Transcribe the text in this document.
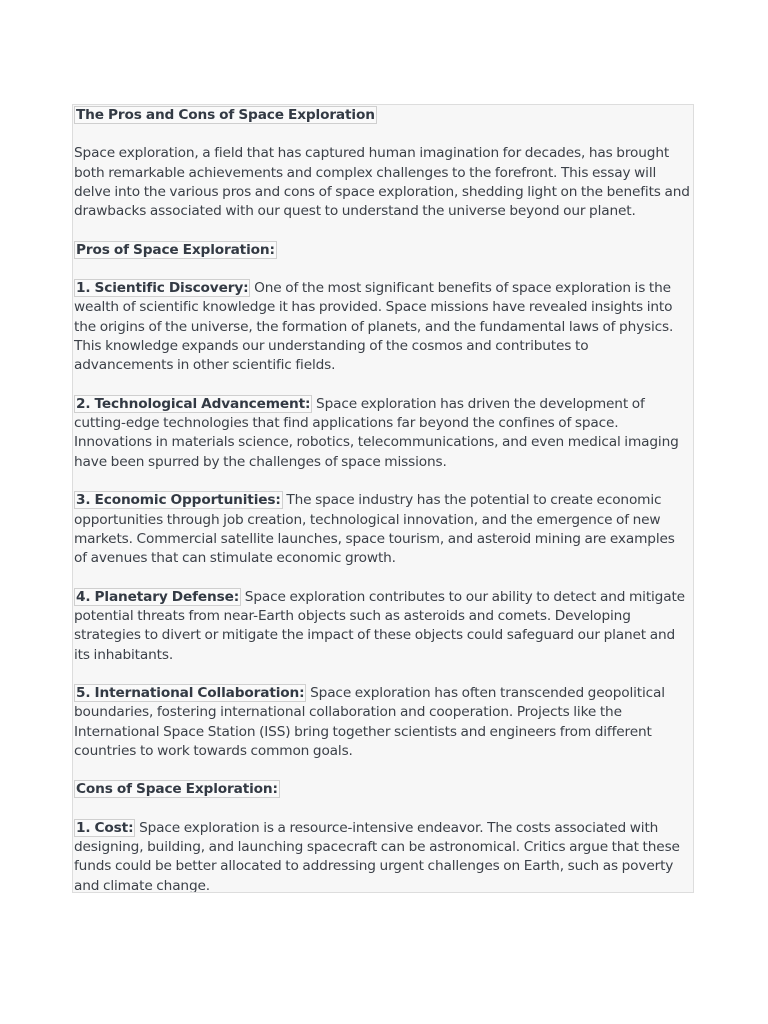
The Pros and Cons of Space Exploration

Space exploration, a field that has captured human imagination for decades, has brought both remarkable achievements and complex challenges to the forefront. This essay will delve into the various pros and cons of space exploration, shedding light on the benefits and drawbacks associated with our quest to understand the universe beyond our planet.

Pros of Space Exploration:

1. Scientific Discovery: One of the most significant benefits of space exploration is the wealth of scientific knowledge it has provided. Space missions have revealed insights into the origins of the universe, the formation of planets, and the fundamental laws of physics. This knowledge expands our understanding of the cosmos and contributes to advancements in other scientific fields.

2. Technological Advancement: Space exploration has driven the development of cutting-edge technologies that find applications far beyond the confines of space. Innovations in materials science, robotics, telecommunications, and even medical imaging have been spurred by the challenges of space missions.

3. Economic Opportunities: The space industry has the potential to create economic opportunities through job creation, technological innovation, and the emergence of new markets. Commercial satellite launches, space tourism, and asteroid mining are examples of avenues that can stimulate economic growth.

4. Planetary Defense: Space exploration contributes to our ability to detect and mitigate potential threats from near-Earth objects such as asteroids and comets. Developing strategies to divert or mitigate the impact of these objects could safeguard our planet and its inhabitants.

5. International Collaboration: Space exploration has often transcended geopolitical boundaries, fostering international collaboration and cooperation. Projects like the International Space Station (ISS) bring together scientists and engineers from different countries to work towards common goals.

Cons of Space Exploration:

1. Cost: Space exploration is a resource-intensive endeavor. The costs associated with designing, building, and launching spacecraft can be astronomical. Critics argue that these funds could be better allocated to addressing urgent challenges on Earth, such as poverty and climate change.
